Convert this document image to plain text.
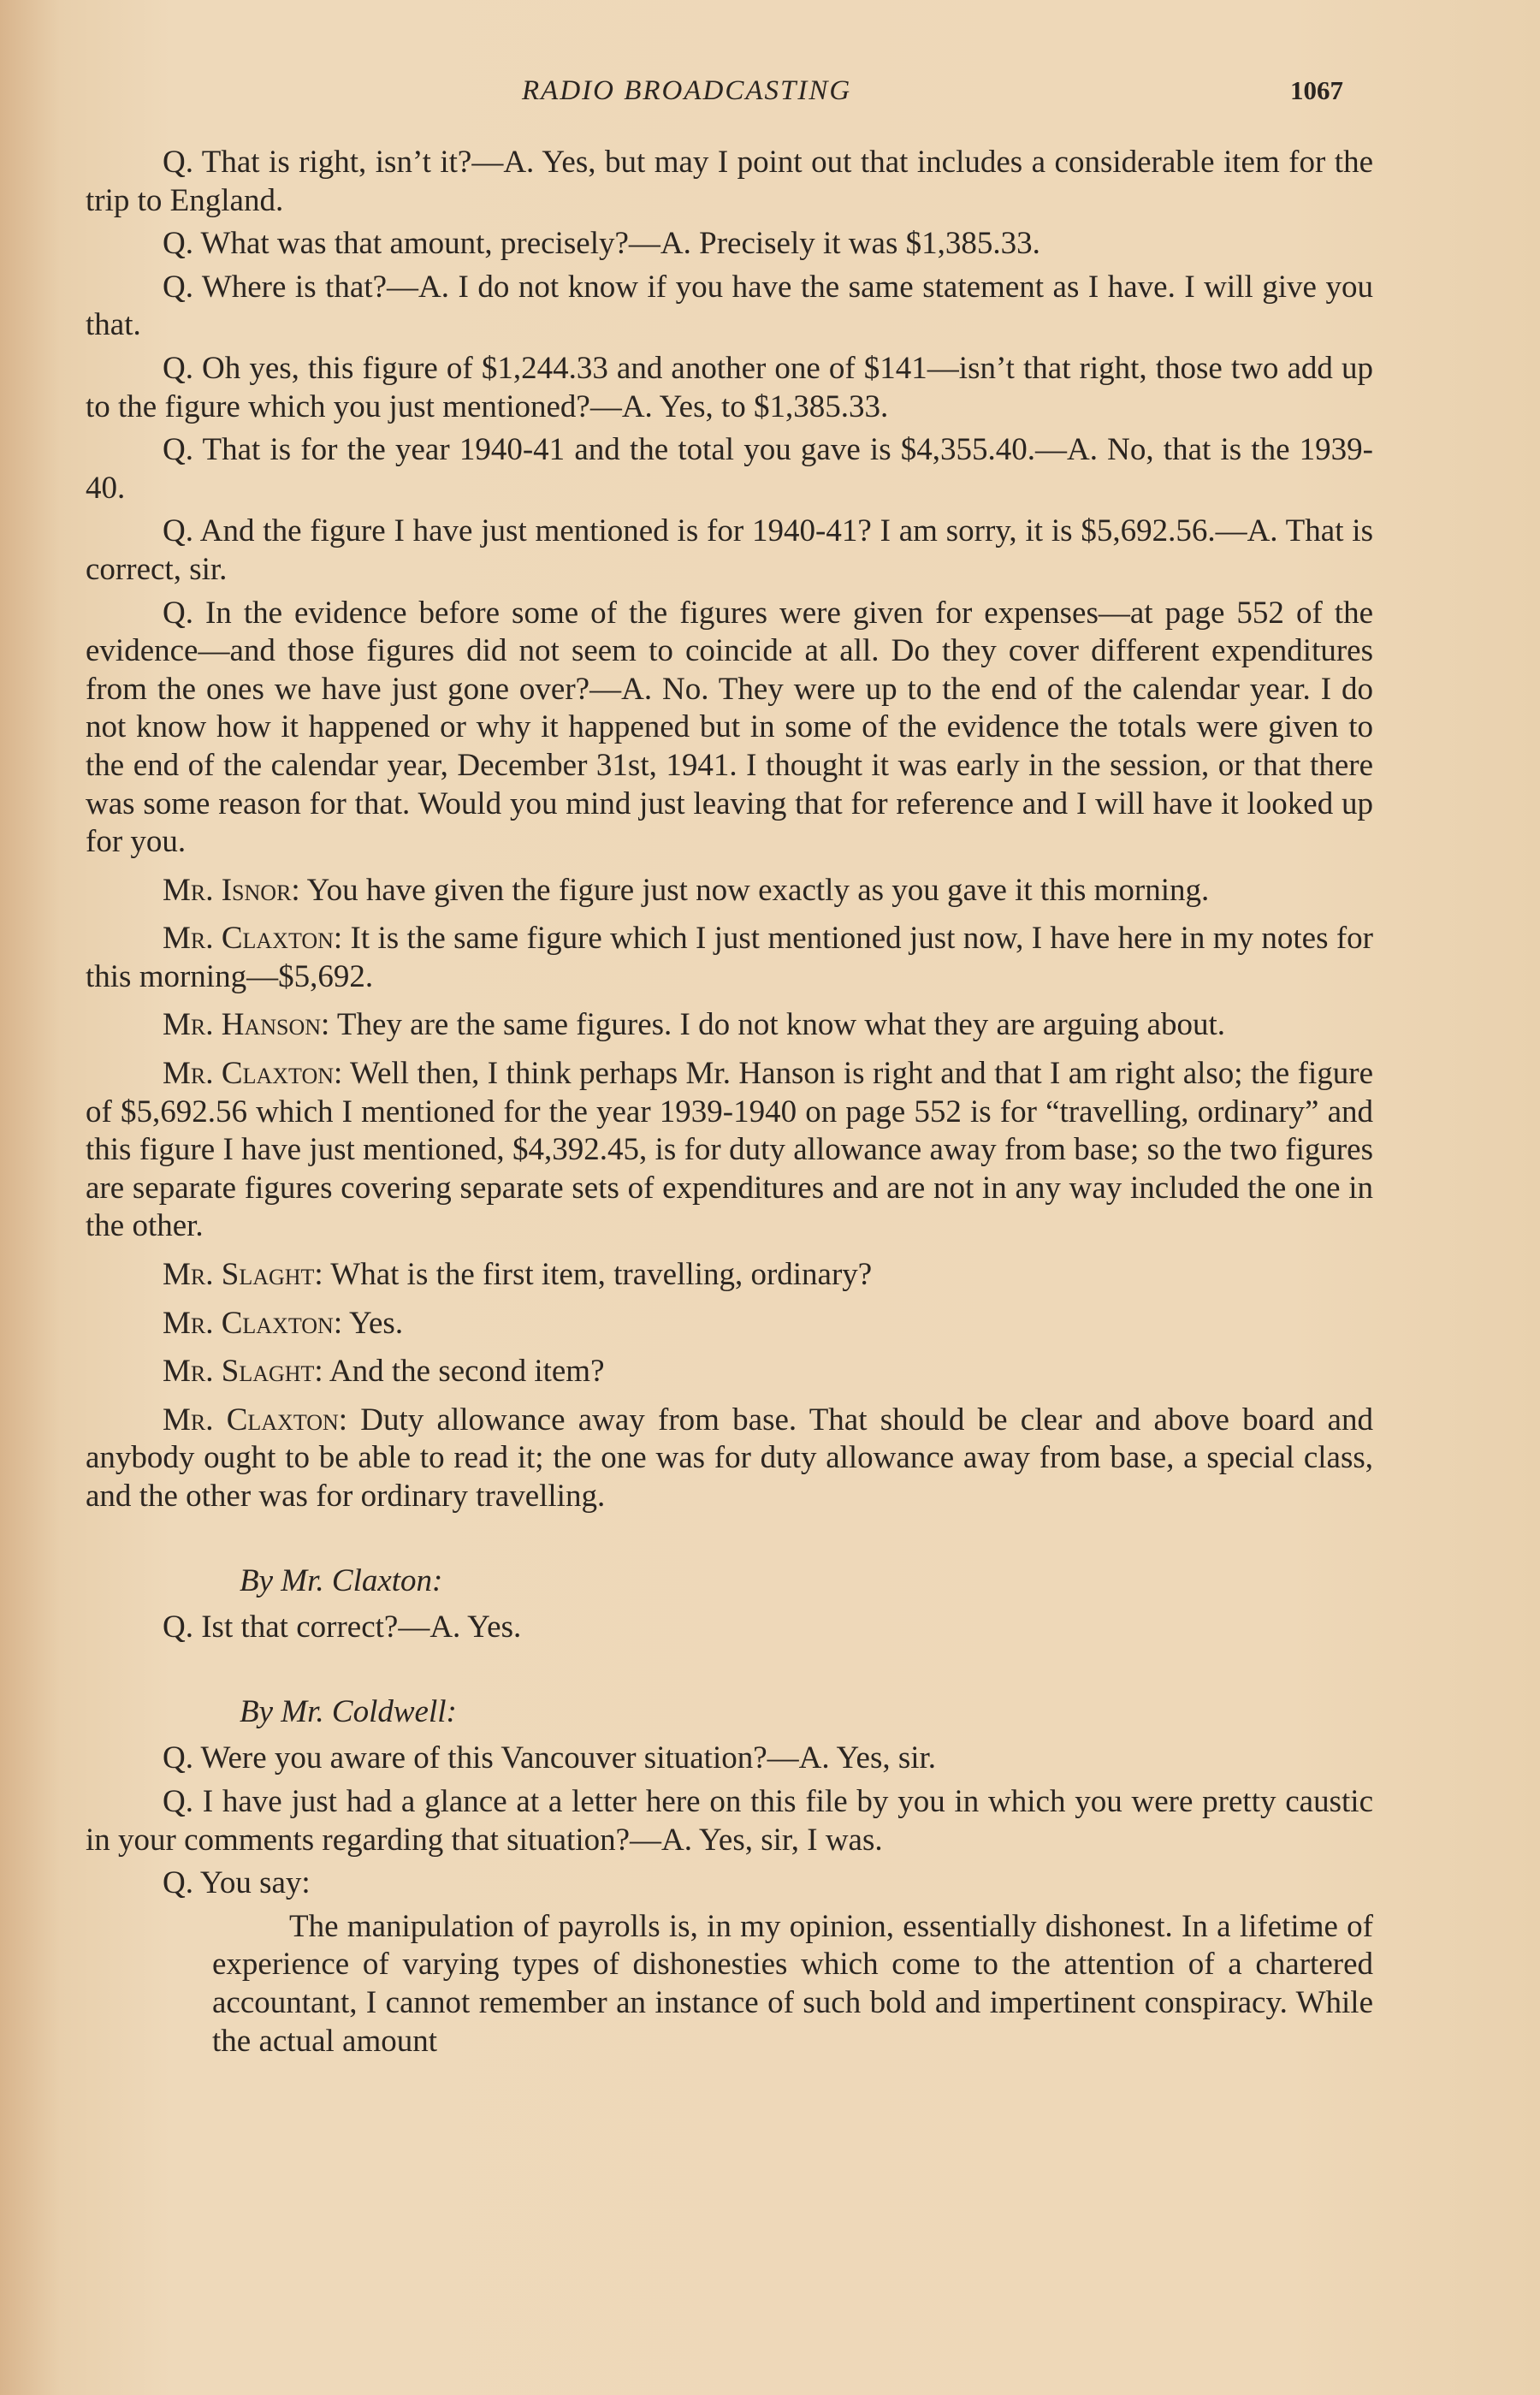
RADIO BROADCASTING	1067

Q. That is right, isn’t it?—A. Yes, but may I point out that includes a considerable item for the trip to England.

Q. What was that amount, precisely?—A. Precisely it was $1,385.33.

Q. Where is that?—A. I do not know if you have the same statement as I have. I will give you that.

Q. Oh yes, this figure of $1,244.33 and another one of $141—isn’t that right, those two add up to the figure which you just mentioned?—A. Yes, to $1,385.33.

Q. That is for the year 1940-41 and the total you gave is $4,355.40.—A. No, that is the 1939-40.

Q. And the figure I have just mentioned is for 1940-41? I am sorry, it is $5,692.56.—A. That is correct, sir.

Q. In the evidence before some of the figures were given for expenses—at page 552 of the evidence—and those figures did not seem to coincide at all. Do they cover different expenditures from the ones we have just gone over?—A. No. They were up to the end of the calendar year. I do not know how it happened or why it happened but in some of the evidence the totals were given to the end of the calendar year, December 31st, 1941. I thought it was early in the session, or that there was some reason for that. Would you mind just leaving that for reference and I will have it looked up for you.

Mr. Isnor: You have given the figure just now exactly as you gave it this morning.

Mr. Claxton: It is the same figure which I just mentioned just now, I have here in my notes for this morning—$5,692.

Mr. Hanson: They are the same figures. I do not know what they are arguing about.

Mr. Claxton: Well then, I think perhaps Mr. Hanson is right and that I am right also; the figure of $5,692.56 which I mentioned for the year 1939-1940 on page 552 is for “travelling, ordinary” and this figure I have just mentioned, $4,392.45, is for duty allowance away from base; so the two figures are separate figures covering separate sets of expenditures and are not in any way included the one in the other.

Mr. Slaght: What is the first item, travelling, ordinary?

Mr. Claxton: Yes.

Mr. Slaght: And the second item?

Mr. Claxton: Duty allowance away from base. That should be clear and above board and anybody ought to be able to read it; the one was for duty allowance away from base, a special class, and the other was for ordinary travelling.

By Mr. Claxton:

Q. Ist that correct?—A. Yes.

By Mr. Coldwell:

Q. Were you aware of this Vancouver situation?—A. Yes, sir.

Q. I have just had a glance at a letter here on this file by you in which you were pretty caustic in your comments regarding that situation?—A. Yes, sir, I was.

Q. You say:

The manipulation of payrolls is, in my opinion, essentially dishonest. In a lifetime of experience of varying types of dishonesties which come to the attention of a chartered accountant, I cannot remember an instance of such bold and impertinent conspiracy. While the actual amount
